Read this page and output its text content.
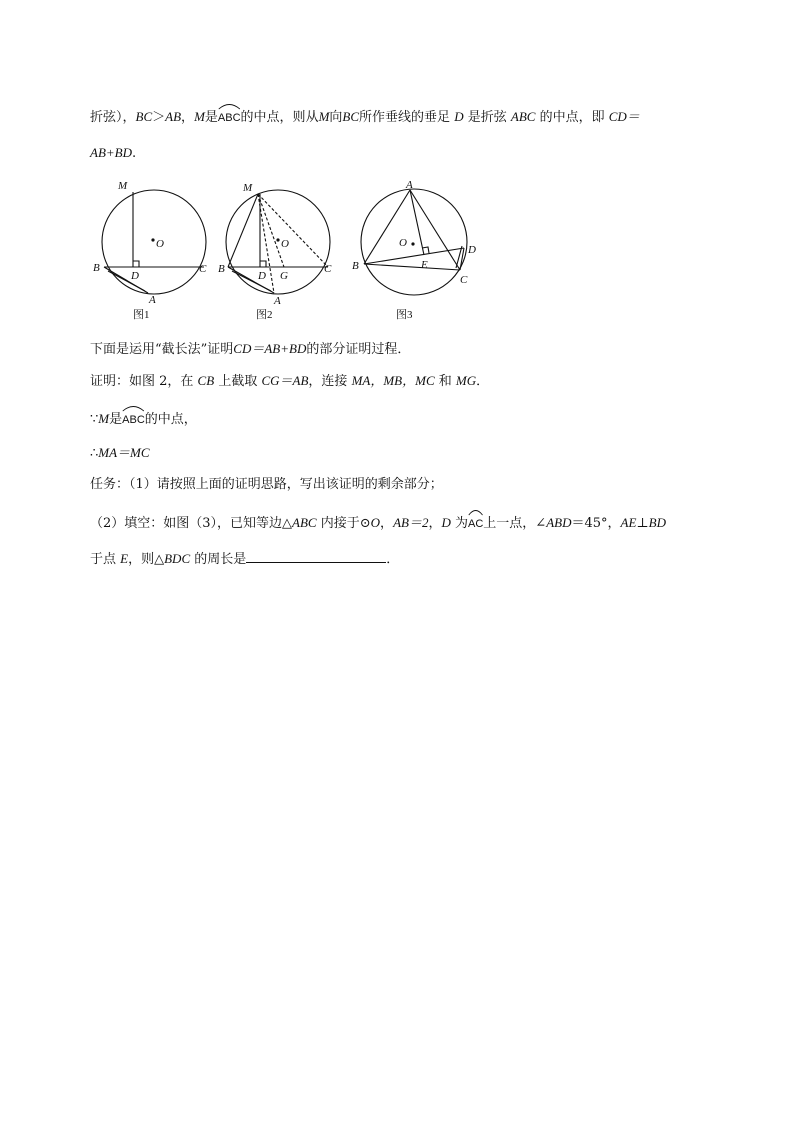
折弦），BC＞AB，M是
ABC的中点，则从M向BC所作垂线的垂足 D 是折弦 ABC 的中点，即 CD＝
AB+BD.
M
O
B
D
C
A
图1
M
O
B
D G
C
A
图2
A
O
D
B	E
C
图3
下面是运用“截长法”证明CD＝AB+BD的部分证明过程．
证明：如图 2，在 CB 上截取 CG＝AB，连接 MA，MB，MC 和 MG．
∵M是
ABC的中点，
∴MA＝MC
任务：（1）请按照上面的证明思路，写出该证明的剩余部分；
（2）填空：如图（3），已知等边△ABC 内接于⊙O，AB＝2，D 为
AC上一点，∠ABD＝45°，AE⊥BD
于点 E，则△BDC 的周长是	．
